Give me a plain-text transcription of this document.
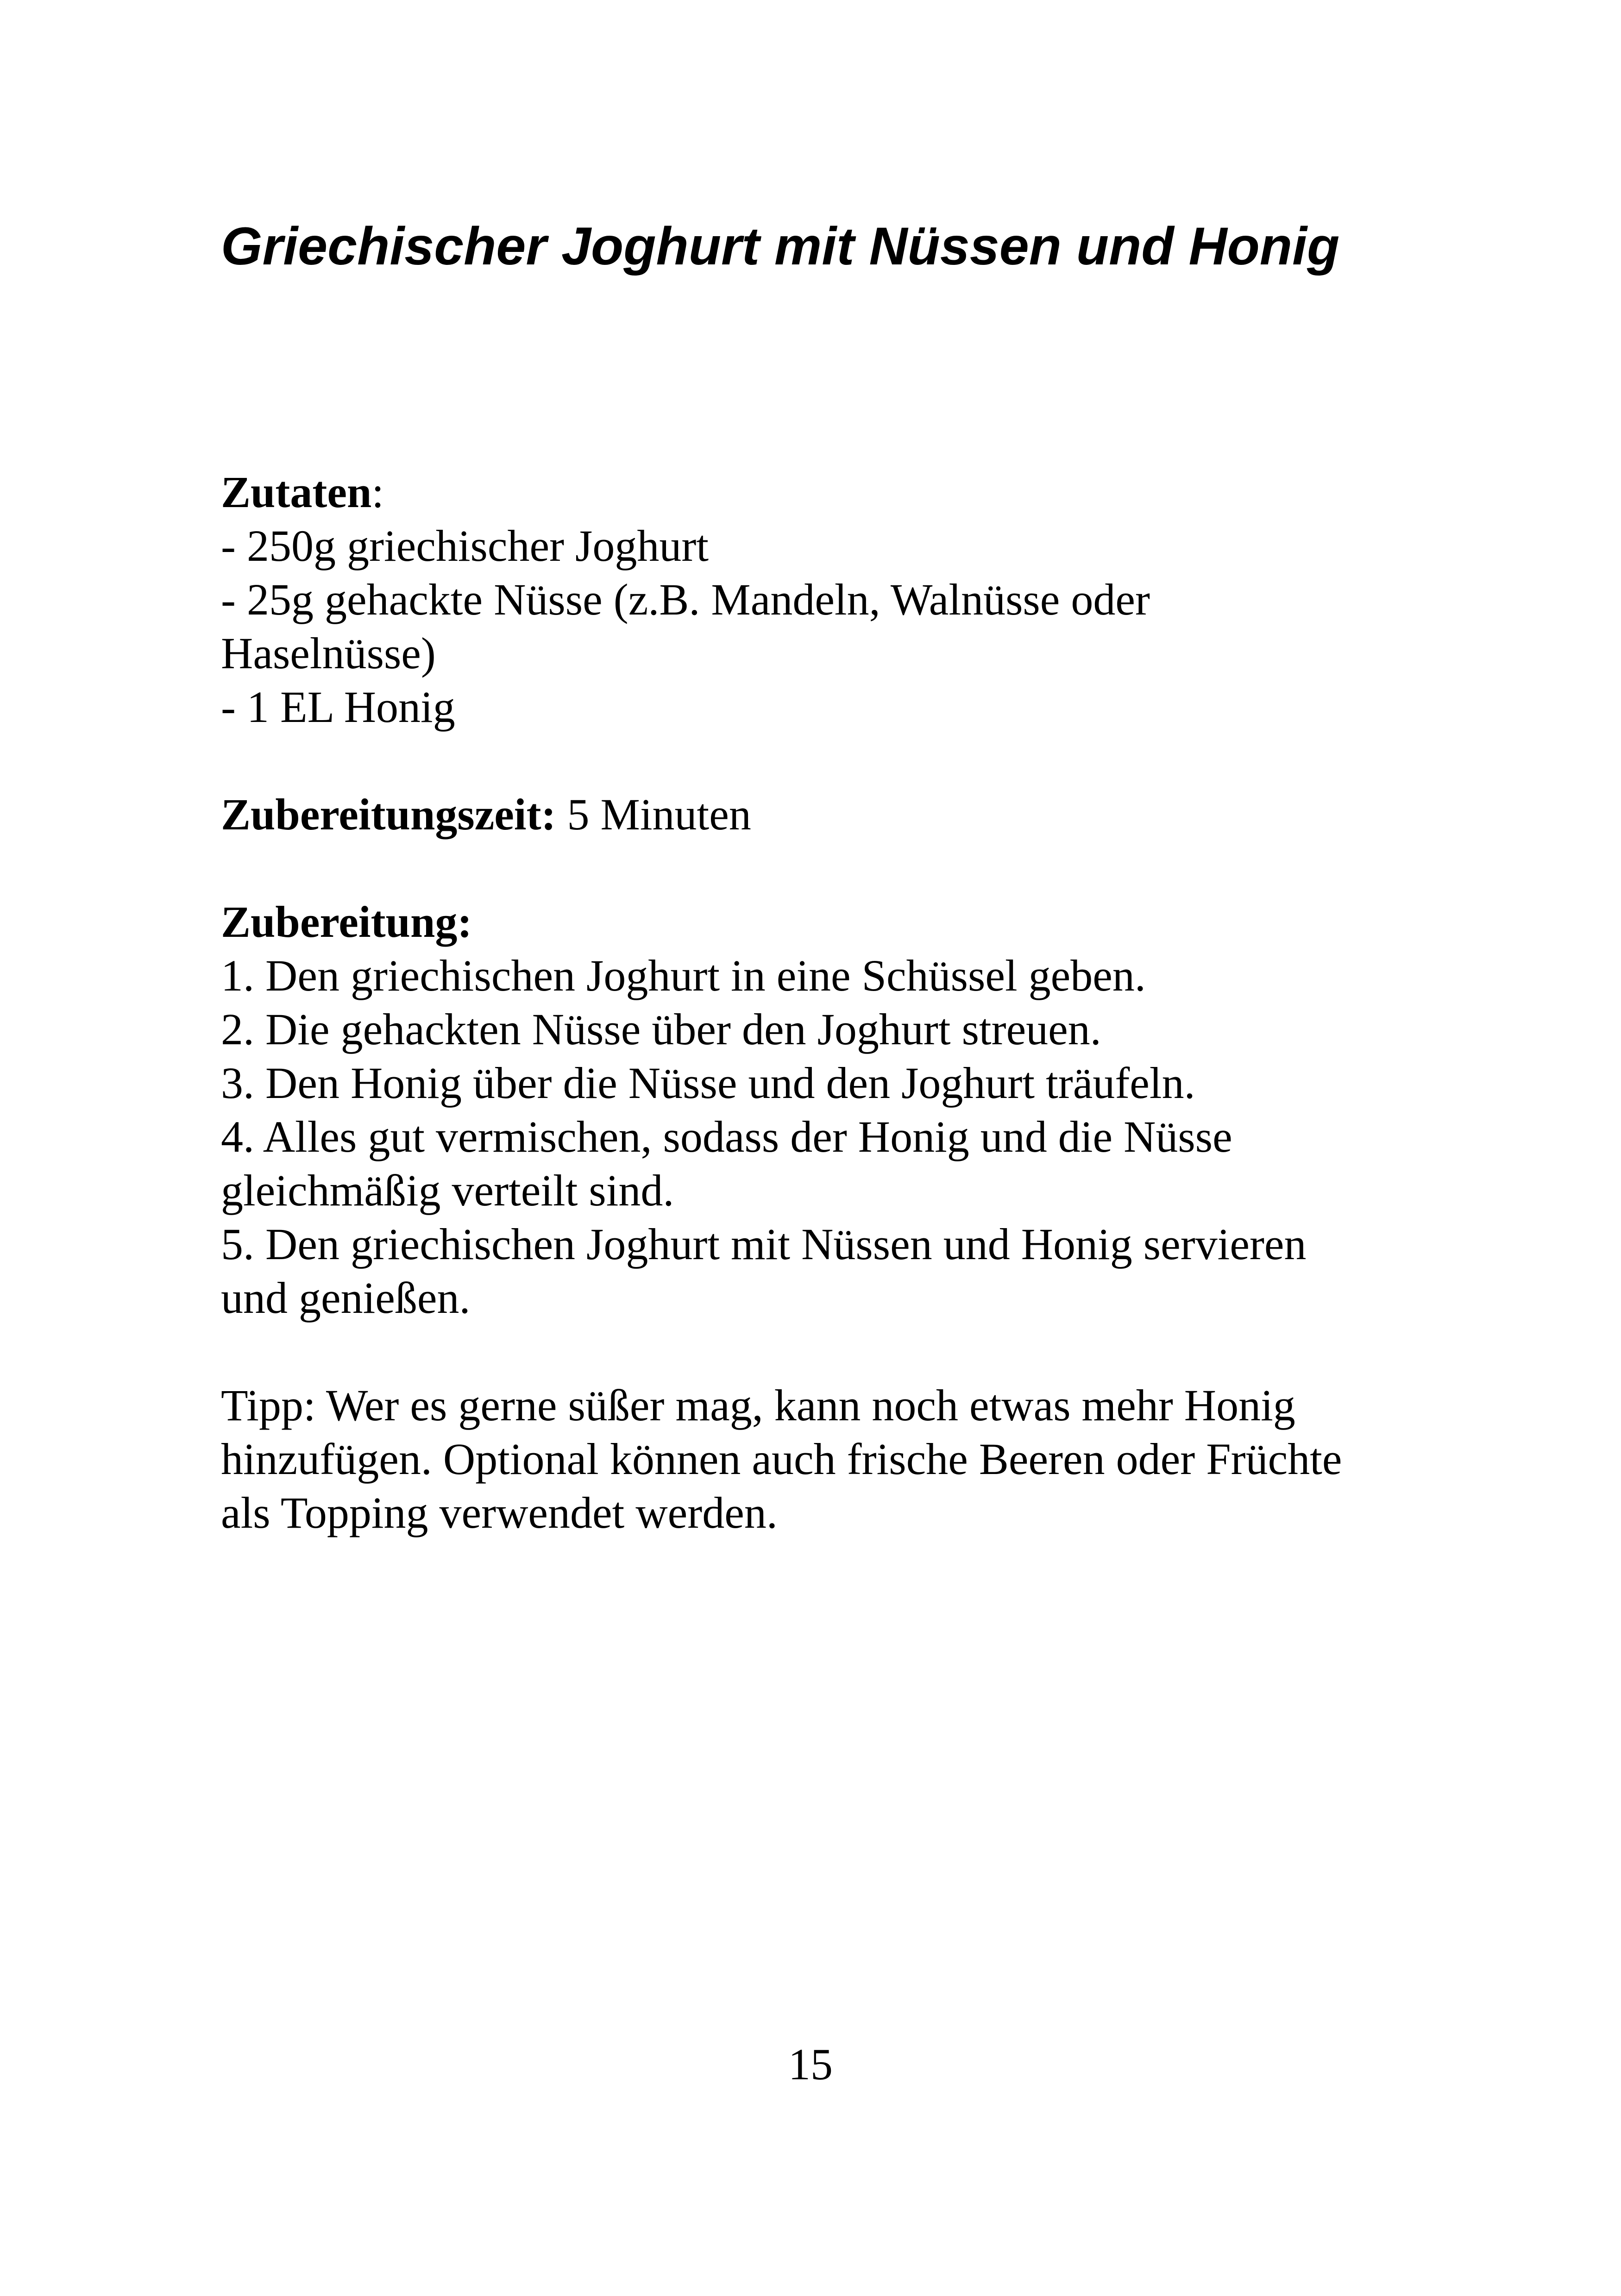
Griechischer Joghurt mit Nüssen und Honig
Zutaten:
- 250g griechischer Joghurt
- 25g gehackte Nüsse (z.B. Mandeln, Walnüsse oder
Haselnüsse)
- 1 EL Honig
Zubereitungszeit: 5 Minuten
Zubereitung:
1. Den griechischen Joghurt in eine Schüssel geben.
2. Die gehackten Nüsse über den Joghurt streuen.
3. Den Honig über die Nüsse und den Joghurt träufeln.
4. Alles gut vermischen, sodass der Honig und die Nüsse
gleichmäßig verteilt sind.
5. Den griechischen Joghurt mit Nüssen und Honig servieren
und genießen.
Tipp: Wer es gerne süßer mag, kann noch etwas mehr Honig
hinzufügen. Optional können auch frische Beeren oder Früchte
als Topping verwendet werden.
15
